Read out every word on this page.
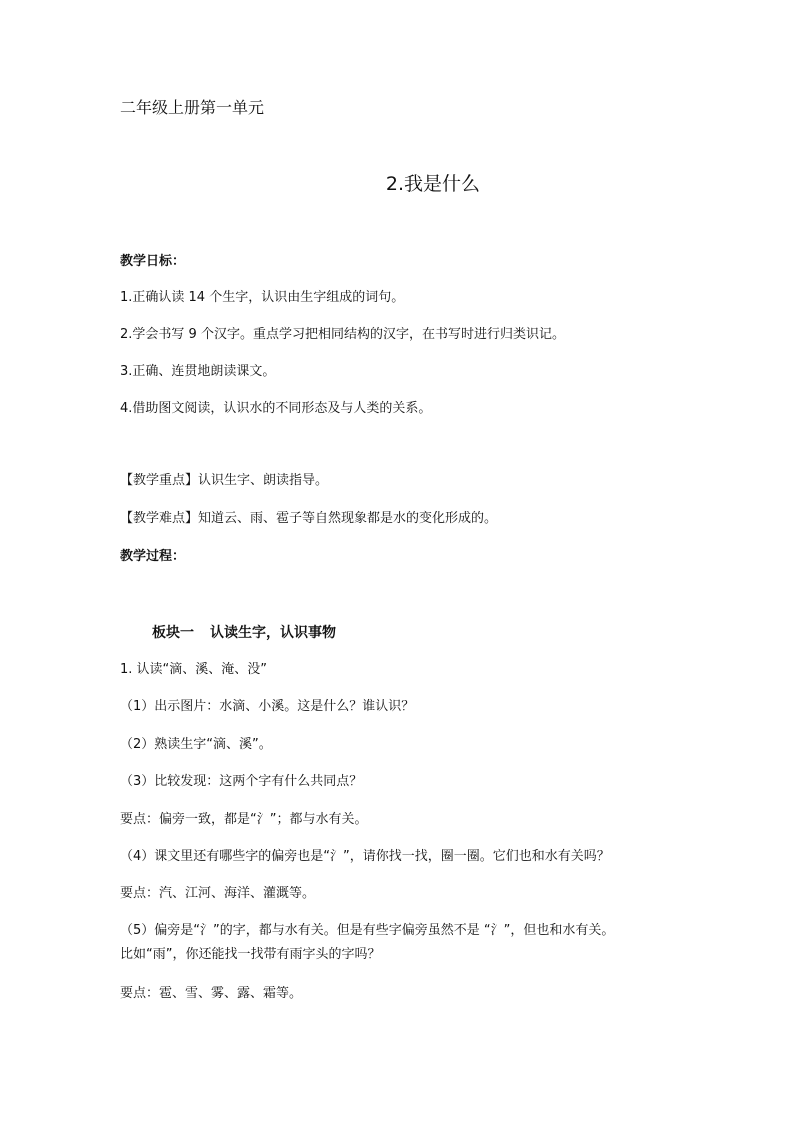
二年级上册第一单元
2.我是什么
教学日标：
1.正确认读 14 个生字，认识由生字组成的词句。
2.学会书写 9 个汉字。重点学习把相同结构的汉字，在书写时进行归类识记。
3.正确、连贯地朗读课文。
4.借助图文阅读，认识水的不同形态及与人类的关系。
【教学重点】认识生字、朗读指导。
【教学难点】知道云、雨、雹子等自然现象都是水的变化形成的。
教学过程：
板块一 认读生字，认识事物
1. 认读“滴、溪、淹、没”
（1）出示图片：水滴、小溪。这是什么？谁认识？
（2）熟读生字“滴、溪”。
（3）比较发现：这两个字有什么共同点？
要点：偏旁一致，都是“氵”；都与水有关。
（4）课文里还有哪些字的偏旁也是“氵”，请你找一找，圈一圈。它们也和水有关吗？
要点：汽、江河、海洋、灌溉等。
（5）偏旁是“氵”的字，都与水有关。但是有些字偏旁虽然不是 “氵”，但也和水有关。
比如“雨”，你还能找一找带有雨字头的字吗？
要点：雹、雪、雾、露、霜等。
